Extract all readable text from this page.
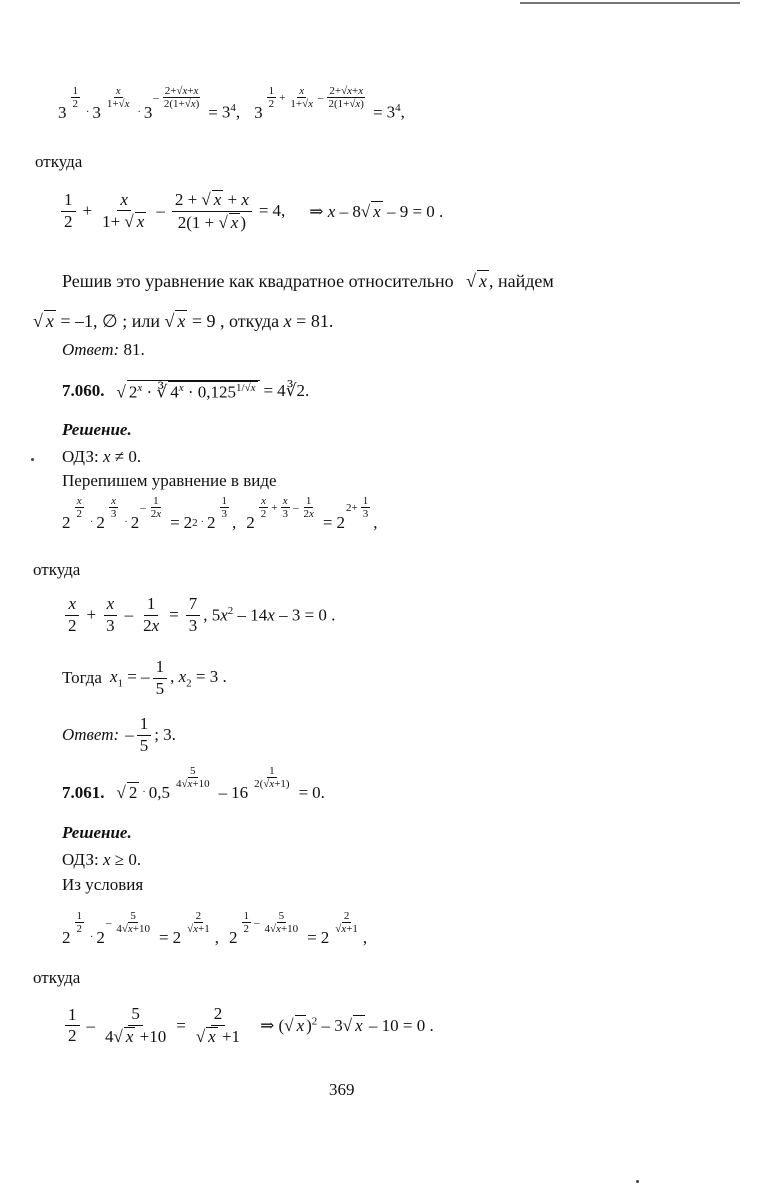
3
$\frac{1}{2}$
· 3
$\frac{x}{1+√x}$
· 3
– $\frac{2+√x+x}{2(1+√x)}$
= $3^4$, 3
$\frac{1}{2} + \frac{x}{1+√x} - \frac{2+√x+x}{2(1+√x)}$
= $3^4$,
откуда
$\frac{1}{2} + \frac{x}{1+ √ x} - \frac{2 + √ x + x}{2(1 + √ x )} = 4$, ⇒ x – 8√ x – 9 = 0 .
Решив это уравнение как квадратное относительно √ x , найдем
√ x = –1, ∅ ; или √ x = 9 , откуда x = 81.
Ответ: 81.
7.060. √ $2^x$ · ∛ $4^x \cdot 0,125^{1/√x}$ = 4∛2.
Решение.
ОДЗ: x ≠ 0.
Перепишем уравнение в виде
2
$\frac{x}{2}$
· 2
$\frac{x}{3}$
· 2
– $\frac{1}{2x}$
= 2 2 · 2
$\frac{1}{3}$
, 2
$\frac{x}{2} + \frac{x}{3} - \frac{1}{2x}$
= 2
$2+ \frac{1}{3}$
,
откуда
$\frac{x}{2} + \frac{x}{3} - \frac{1}{2x} = \frac{7}{3}$ , $5x^2 - 14x - 3 = 0$ .
Тогда $x_1$ = – $\frac{1}{5}$ , $x_2 = 3$ .
Ответ: – $\frac{1}{5}$ ; 3.
7.061. √ 2 · 0,5
$\frac{5}{4√x+10}$
– 16
$\frac{1}{2(√x+1)}$
= 0.
Решение.
ОДЗ: x ≥ 0.
Из условия
2
$\frac{1}{2}$
· 2
– $\frac{5}{4√x+10}$
= 2
$\frac{2}{√x+1}$
, 2
$\frac{1}{2} - \frac{5}{4√x+10}$
= 2
$\frac{2}{√x+1}$
,
откуда
$\frac{1}{2} - \frac{5}{4√ x +10} = \frac{2}{√ x +1}$ ⇒ (√ x )$^2$ – 3√ x – 10 = 0 .
369
